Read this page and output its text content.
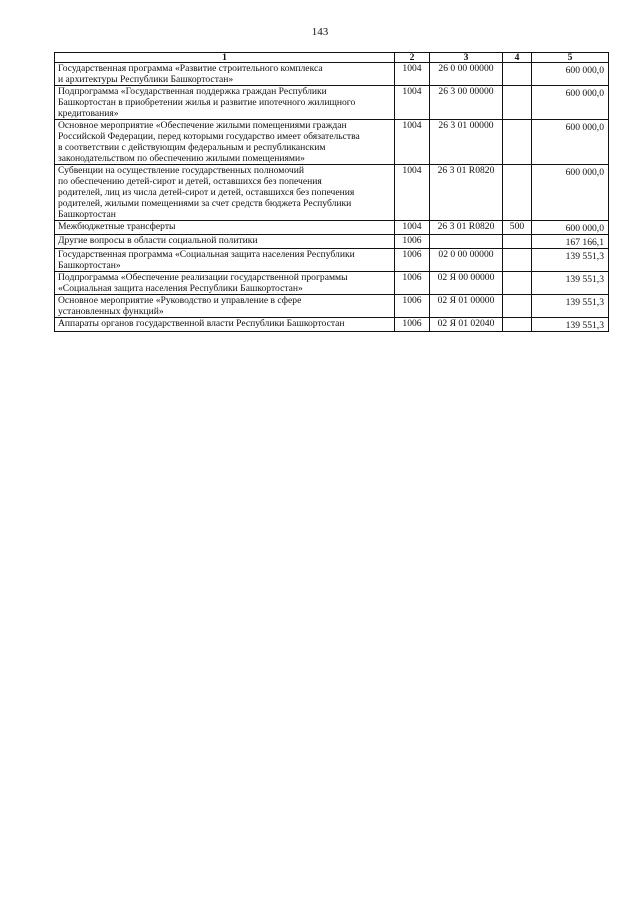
143
1	2	3	4	5
Государственная программа «Развитие строительного комплекса
и архитектуры Республики Башкортостан»	1004	26 0 00 00000		600 000,0
Подпрограмма «Государственная поддержка граждан Республики
Башкортостан в приобретении жилья и развитие ипотечного жилищного
кредитования»	1004	26 3 00 00000		600 000,0
Основное мероприятие «Обеспечение жилыми помещениями граждан
Российской Федерации, перед которыми государство имеет обязательства
в соответствии с действующим федеральным и республиканским
законодательством по обеспечению жилыми помещениями»	1004	26 3 01 00000		600 000,0
Субвенции на осуществление государственных полномочий
по обеспечению детей-сирот и детей, оставшихся без попечения
родителей, лиц из числа детей-сирот и детей, оставшихся без попечения
родителей, жилыми помещениями за счет средств бюджета Республики
Башкортостан	1004	26 3 01 R0820		600 000,0
Межбюджетные трансферты	1004	26 3 01 R0820	500	600 000,0
Другие вопросы в области социальной политики	1006			167 166,1
Государственная программа «Социальная защита населения Республики
Башкортостан»	1006	02 0 00 00000		139 551,3
Подпрограмма «Обеспечение реализации государственной программы
«Социальная защита населения Республики Башкортостан»	1006	02 Я 00 00000		139 551,3
Основное мероприятие «Руководство и управление в сфере
установленных функций»	1006	02 Я 01 00000		139 551,3
Аппараты органов государственной власти Республики Башкортостан	1006	02 Я 01 02040		139 551,3
